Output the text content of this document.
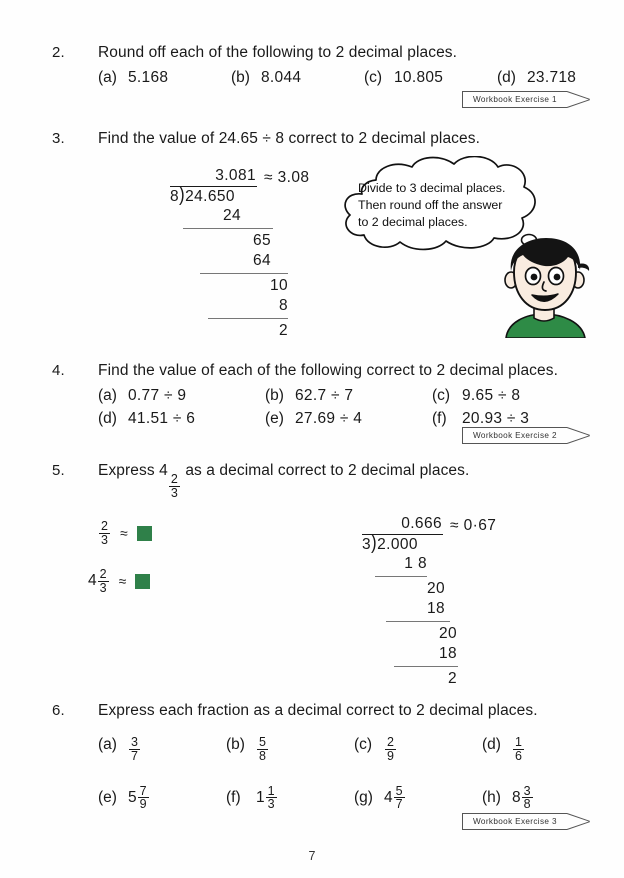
2.	Round off each of the following to 2 decimal places.
(a) 5.168	(b) 8.044	(c) 10.805	(d) 23.718
Workbook Exercise 1
3.	Find the value of 24.65 ÷ 8 correct to 2 decimal places.
3.081 ≈ 3.08
8 ) 24.650
24
65
64
10
8
2
Divide to 3 decimal places.
Then round off the answer
to 2 decimal places.
4.	Find the value of each of the following correct to 2 decimal places.
(a) 0.77 ÷ 9	(b) 62.7 ÷ 7	(c) 9.65 ÷ 8
(d) 41.51 ÷ 6	(e) 27.69 ÷ 4	(f) 20.93 ÷ 3
Workbook Exercise 2
5.	Express 4
$\frac{2}{3}$
as a decimal correct to 2 decimal places.
$\frac{2}{3}$ ≈
$4 \frac{2}{3}$ ≈
0.666 ≈ 0·67
3 ) 2.000
1 8
20
18
20
18
2
6.	Express each fraction as a decimal correct to 2 decimal places.
$(a) \frac{3}{7}$	$(b) \frac{5}{8}$	(c)	$\frac{2}{9}$	$(d) \frac{1}{6}$
(e) $5 \frac{7}{9}$	(f) $1 \frac{1}{3}$	(g) $4 \frac{5}{7}$	(h) $8 \frac{3}{8}$
Workbook Exercise 3
7
